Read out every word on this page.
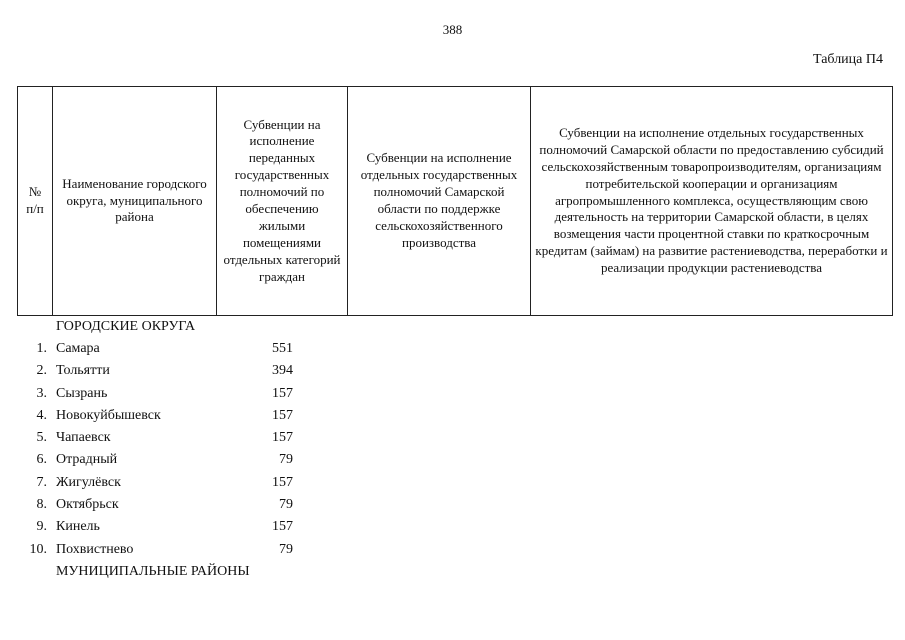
388
Таблица П4
№ п/п	Наименование городского округа, муниципального района	Субвенции на исполнение переданных государственных полномочий по обеспечению жилыми помещениями отдельных категорий граждан	Субвенции на исполнение отдельных государственных полномочий Самарской области по поддержке сельскохозяйственного производства	Субвенции на исполнение отдельных государственных полномочий Самарской области по предоставлению субсидий сельскохозяйственным товаропроизводителям, организациям потребительской кооперации и организациям агропромышленного комплекса, осуществляющим свою деятельность на территории Самарской области, в целях возмещения части процентной ставки по краткосрочным кредитам (займам) на развитие растениеводства, переработки и реализации продукции растениеводства
ГОРОДСКИЕ ОКРУГА
1. Самара	551
2. Тольятти	394
3. Сызрань	157
4. Новокуйбышевск	157
5. Чапаевск	157
6. Отрадный	79
7. Жигулёвск	157
8. Октябрьск	79
9. Кинель	157
10. Похвистнево	79
МУНИЦИПАЛЬНЫЕ РАЙОНЫ
